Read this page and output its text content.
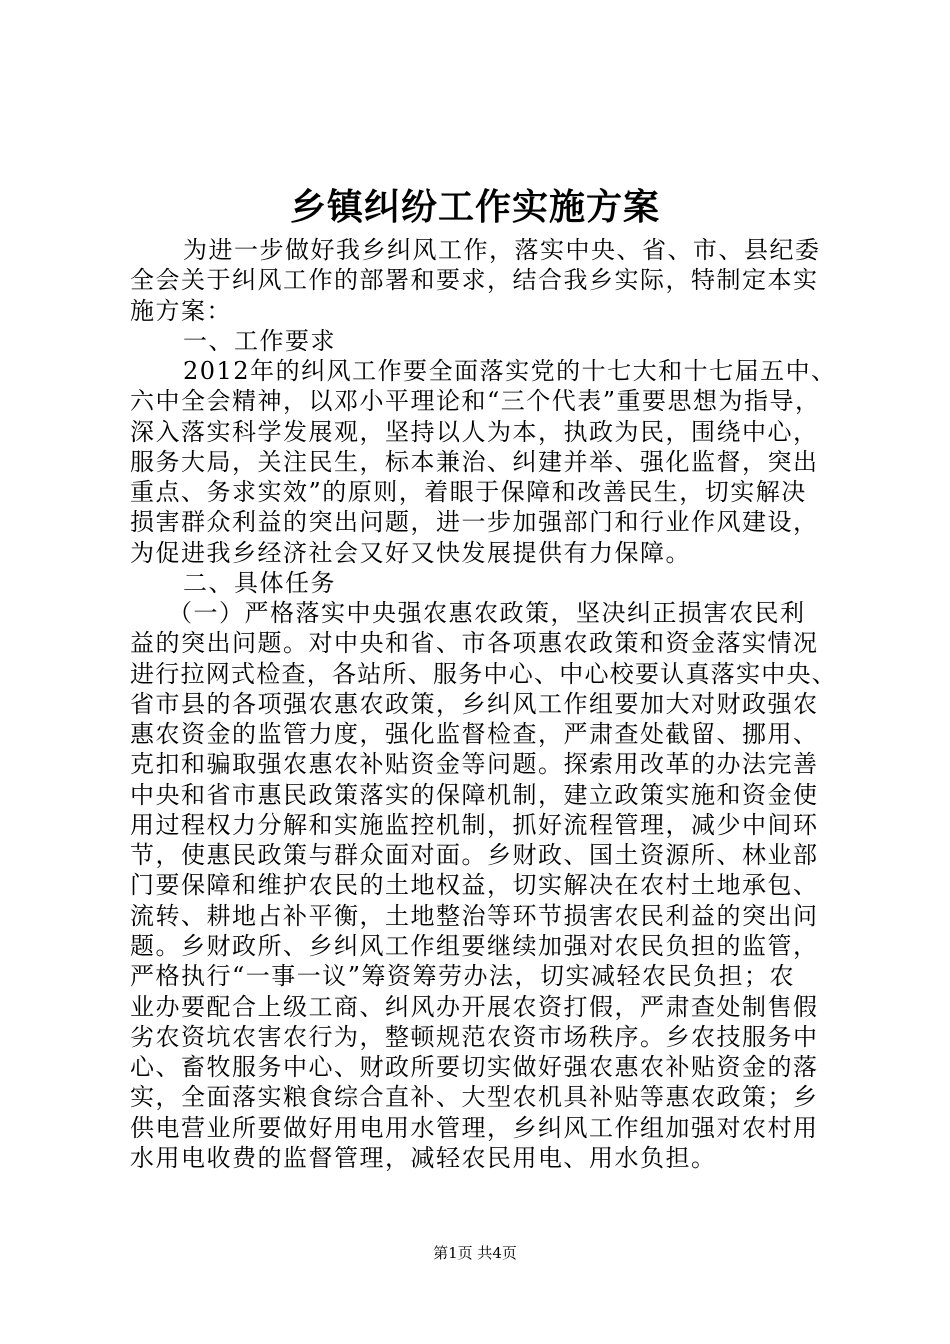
乡镇纠纷工作实施方案
为进一步做好我乡纠风工作，落实中央、省、市、县纪委
全会关于纠风工作的部署和要求，结合我乡实际，特制定本实
施方案：
一、工作要求
2012年的纠风工作要全面落实党的十七大和十七届五中、
六中全会精神，以邓小平理论和“三个代表”重要思想为指导，
深入落实科学发展观，坚持以人为本，执政为民，围绕中心，
服务大局，关注民生，标本兼治、纠建并举、强化监督，突出
重点、务求实效”的原则，着眼于保障和改善民生，切实解决
损害群众利益的突出问题，进一步加强部门和行业作风建设，
为促进我乡经济社会又好又快发展提供有力保障。
二、具体任务
（一）严格落实中央强农惠农政策，坚决纠正损害农民利
益的突出问题。对中央和省、市各项惠农政策和资金落实情况
进行拉网式检查，各站所、服务中心、中心校要认真落实中央、
省市县的各项强农惠农政策，乡纠风工作组要加大对财政强农
惠农资金的监管力度，强化监督检查，严肃查处截留、挪用、
克扣和骗取强农惠农补贴资金等问题。探索用改革的办法完善
中央和省市惠民政策落实的保障机制，建立政策实施和资金使
用过程权力分解和实施监控机制，抓好流程管理，减少中间环
节，使惠民政策与群众面对面。乡财政、国土资源所、林业部
门要保障和维护农民的土地权益，切实解决在农村土地承包、
流转、耕地占补平衡，土地整治等环节损害农民利益的突出问
题。乡财政所、乡纠风工作组要继续加强对农民负担的监管，
严格执行“一事一议”筹资筹劳办法，切实减轻农民负担；农
业办要配合上级工商、纠风办开展农资打假，严肃查处制售假
劣农资坑农害农行为，整顿规范农资市场秩序。乡农技服务中
心、畜牧服务中心、财政所要切实做好强农惠农补贴资金的落
实，全面落实粮食综合直补、大型农机具补贴等惠农政策；乡
供电营业所要做好用电用水管理，乡纠风工作组加强对农村用
水用电收费的监督管理，减轻农民用电、用水负担。
第1页 共4页
